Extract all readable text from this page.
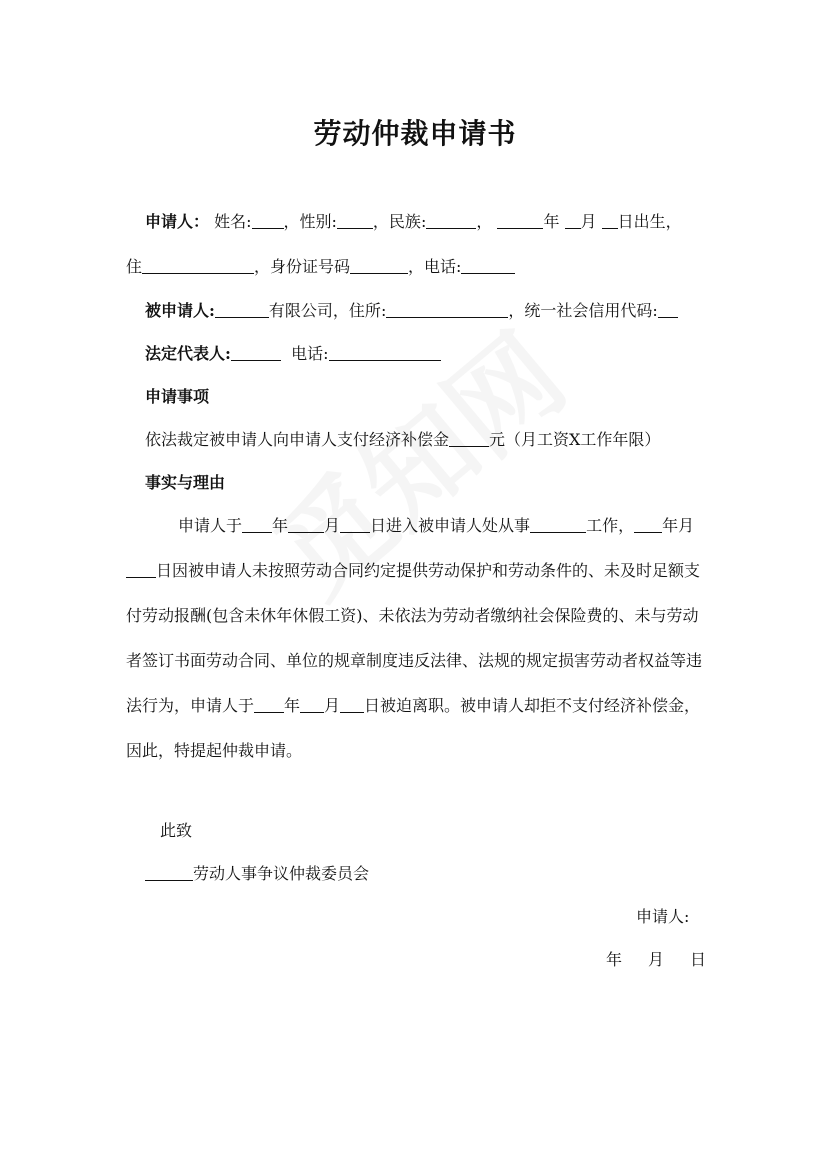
劳动仲裁申请书
申请人： 姓名: ，性别: ，民族:	，	年 月 日出生，
住	，身份证号码	，电话:
被申请人:	有限公司，住所:	，统一社会信用代码:
法定代表人:	电话:
申请事项
依法裁定被申请人向申请人支付经济补偿金	元（月工资X工作年限）
事实与理由
申请人于 年 月 日进入被申请人处从事	工作， 年月日因被申请人未按照劳动合同约定提供劳动保护和劳动条件的、未及时足额支付劳动报酬(包含未休年休假工资)、未依法为劳动者缴纳社会保险费的、未与劳动者签订书面劳动合同、单位的规章制度违反法律、法规的规定损害劳动者权益等违法行为，申请人于 年 月 日被迫离职。被申请人却拒不支付经济补偿金，因此，特提起仲裁申请。
此致
劳动人事争议仲裁委员会
申请人:
年 月 日
